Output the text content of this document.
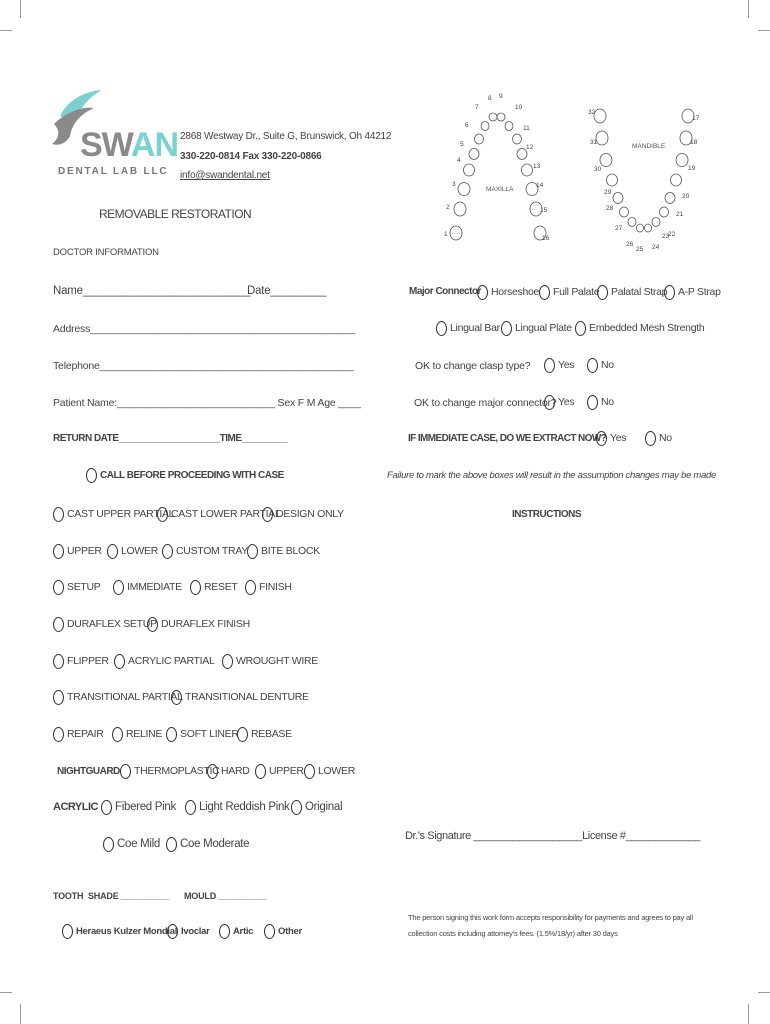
SWAN
DENTAL LAB LLC
2868 Westway Dr., Suite G, Brunswick, Oh 44212
330-220-0814 Fax 330-220-0866
info@swandental.net
REMOVABLE RESTORATION
DOCTOR INFORMATION
1
2
3
4
5
6
7
8 9
10
11
12
13
14
15
16
17
18
19
20
21
22
23
24
25
26
27
28
29
30
31
32
MAXILLA
MANDIBLE
Name___________________________
Date_________
Address_______________________________________________
Telephone_____________________________________________
Patient Name:____________________________ Sex F M Age ____
RETURN DATE____________________TIME_________
CALL BEFORE PROCEEDING WITH CASE
CAST UPPER PARTIAL
CAST LOWER PARTIAL
DESIGN ONLY
UPPER LOWER CUSTOM TRAY BITE BLOCK
SETUP	IMMEDIATE RESET FINISH
DURAFLEX SETUP DURAFLEX FINISH
FLIPPER ACRYLIC PARTIAL WROUGHT WIRE
TRANSITIONAL PARTIAL TRANSITIONAL DENTURE
REPAIR RELINE SOFT LINER REBASE
NIGHTGUARD THERMOPLASTIC HARD UPPER LOWER
ACRYLIC Fibered Pink Light Reddish Pink Original
Coe Mild Coe Moderate
TOOTH SHADE __________ MOULD __________
Heraeus Kulzer Mondial Ivoclar Artic	Other
Major Connector Horseshoe Full Palate Palatal Strap A-P Strap
Lingual Bar Lingual Plate Embedded Mesh Strength
OK to change clasp type?
OK to change major connector?
IF IMMEDIATE CASE, DO WE EXTRACT NOW?
Yes
Yes
No
No
Yes	No
Failure to mark the above boxes will result in the assumption changes may be made
INSTRUCTIONS
Dr.'s Signature ___________________License #_____________
The person signing this work form accepts responsibility for payments and agrees to pay all
collection costs including attorney's fees. (1.5%/18/yr) after 30 days
